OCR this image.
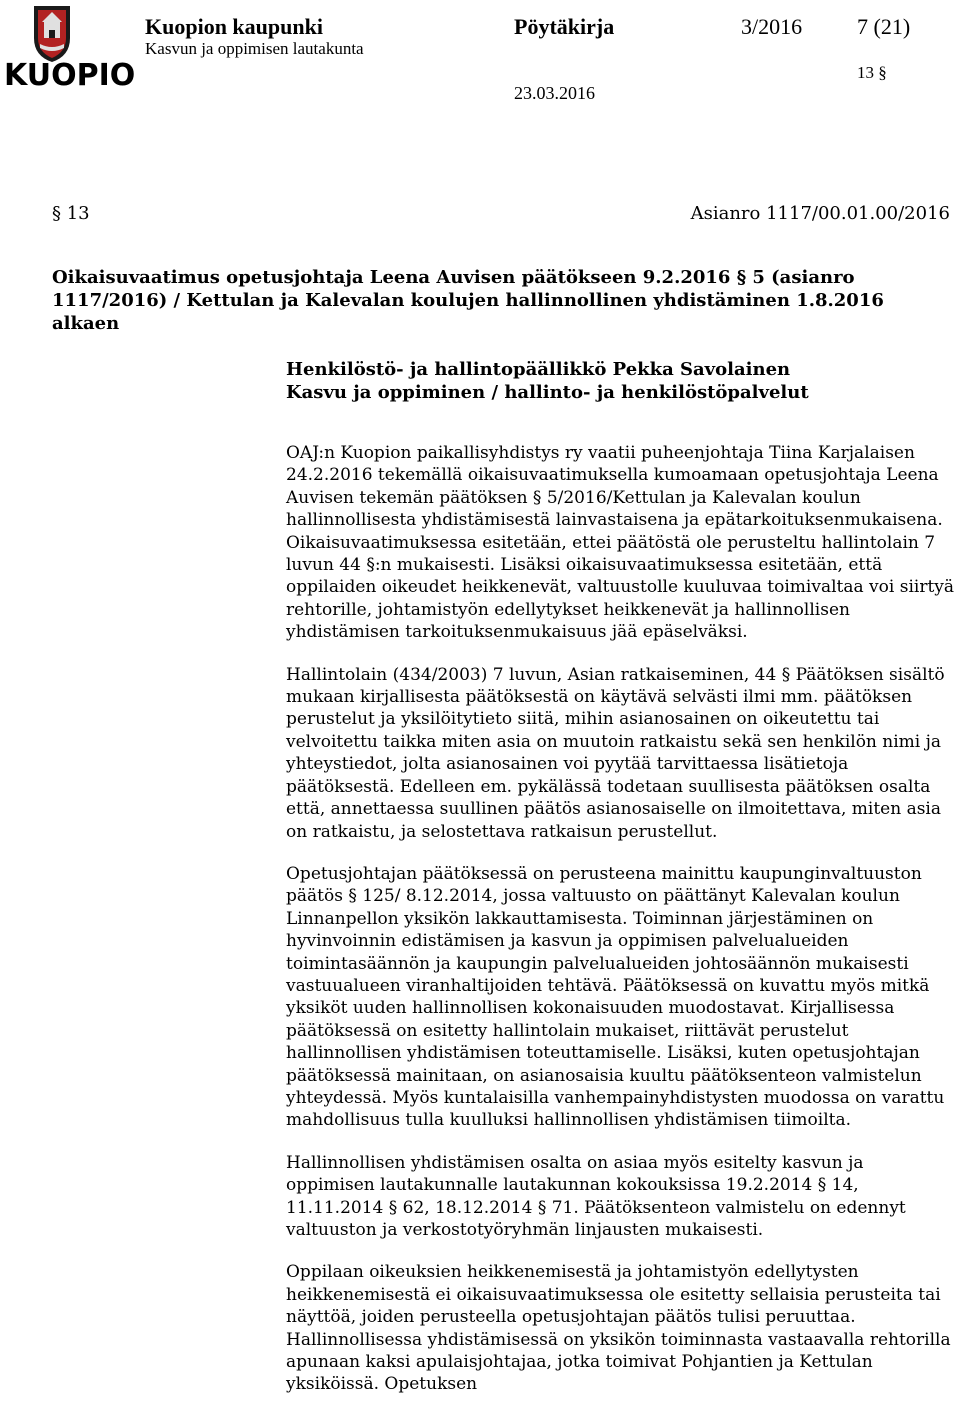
KUOPIO
Kuopion kaupunki
Kasvun ja oppimisen lautakunta
Pöytäkirja
23.03.2016
3/2016 7 (21)
13 §
§ 13	Asianro 1117/00.01.00/2016
Oikaisuvaatimus opetusjohtaja Leena Auvisen päätökseen 9.2.2016 § 5 (asianro 1117/2016) / Kettulan ja Kalevalan koulujen hallinnollinen yhdistäminen 1.8.2016 alkaen
Henkilöstö- ja hallintopäällikkö Pekka Savolainen
Kasvu ja oppiminen / hallinto- ja henkilöstöpalvelut

OAJ:n Kuopion paikallisyhdistys ry vaatii puheenjohtaja Tiina Karjalaisen 24.2.2016 tekemällä oikaisuvaatimuksella kumoamaan opetusjohtaja Leena Auvisen tekemän päätöksen § 5/2016/Kettulan ja Kalevalan koulun hallinnollisesta yhdistämisestä lainvastaisena ja epätarkoituksenmukaisena. Oikaisuvaatimuksessa esitetään, ettei päätöstä ole perusteltu hallintolain 7 luvun 44 §:n mukaisesti. Lisäksi oikaisuvaatimuksessa esitetään, että oppilaiden oikeudet heikkenevät, valtuustolle kuuluvaa toimivaltaa voi siirtyä rehtorille, johtamistyön edellytykset heikkenevät ja hallinnollisen yhdistämisen tarkoituksenmukaisuus jää epäselväksi.

Hallintolain (434/2003) 7 luvun, Asian ratkaiseminen, 44 § Päätöksen sisältö mukaan kirjallisesta päätöksestä on käytävä selvästi ilmi mm. päätöksen perustelut ja yksilöitytieto siitä, mihin asianosainen on oikeutettu tai velvoitettu taikka miten asia on muutoin ratkaistu sekä sen henkilön nimi ja yhteystiedot, jolta asianosainen voi pyytää tarvittaessa lisätietoja päätöksestä. Edelleen em. pykälässä todetaan suullisesta päätöksen osalta että, annettaessa suullinen päätös asianosaiselle on ilmoitettava, miten asia on ratkaistu, ja selostettava ratkaisun perustellut.

Opetusjohtajan päätöksessä on perusteena mainittu kaupunginvaltuuston päätös § 125/ 8.12.2014, jossa valtuusto on päättänyt Kalevalan koulun Linnanpellon yksikön lakkauttamisesta. Toiminnan järjestäminen on hyvinvoinnin edistämisen ja kasvun ja oppimisen palvelualueiden toimintasäännön ja kaupungin palvelualueiden johtosäännön mukaisesti vastuualueen viranhaltijoiden tehtävä. Päätöksessä on kuvattu myös mitkä yksiköt uuden hallinnollisen kokonaisuuden muodostavat. Kirjallisessa päätöksessä on esitetty hallintolain mukaiset, riittävät perustelut hallinnollisen yhdistämisen toteuttamiselle. Lisäksi, kuten opetusjohtajan päätöksessä mainitaan, on asianosaisia kuultu päätöksenteon valmistelun yhteydessä. Myös kuntalaisilla vanhempainyhdistysten muodossa on varattu mahdollisuus tulla kuulluksi hallinnollisen yhdistämisen tiimoilta.

Hallinnollisen yhdistämisen osalta on asiaa myös esitelty kasvun ja oppimisen lautakunnalle lautakunnan kokouksissa 19.2.2014 § 14, 11.11.2014 § 62, 18.12.2014 § 71. Päätöksenteon valmistelu on edennyt valtuuston ja verkostotyöryhmän linjausten mukaisesti.

Oppilaan oikeuksien heikkenemisestä ja johtamistyön edellytysten heikkenemisestä ei oikaisuvaatimuksessa ole esitetty sellaisia perusteita tai näyttöä, joiden perusteella opetusjohtajan päätös tulisi peruuttaa. Hallinnollisessa yhdistämisessä on yksikön toiminnasta vastaavalla rehtorilla apunaan kaksi apulaisjohtajaa, jotka toimivat Pohjantien ja Kettulan yksiköissä. Opetuksen
